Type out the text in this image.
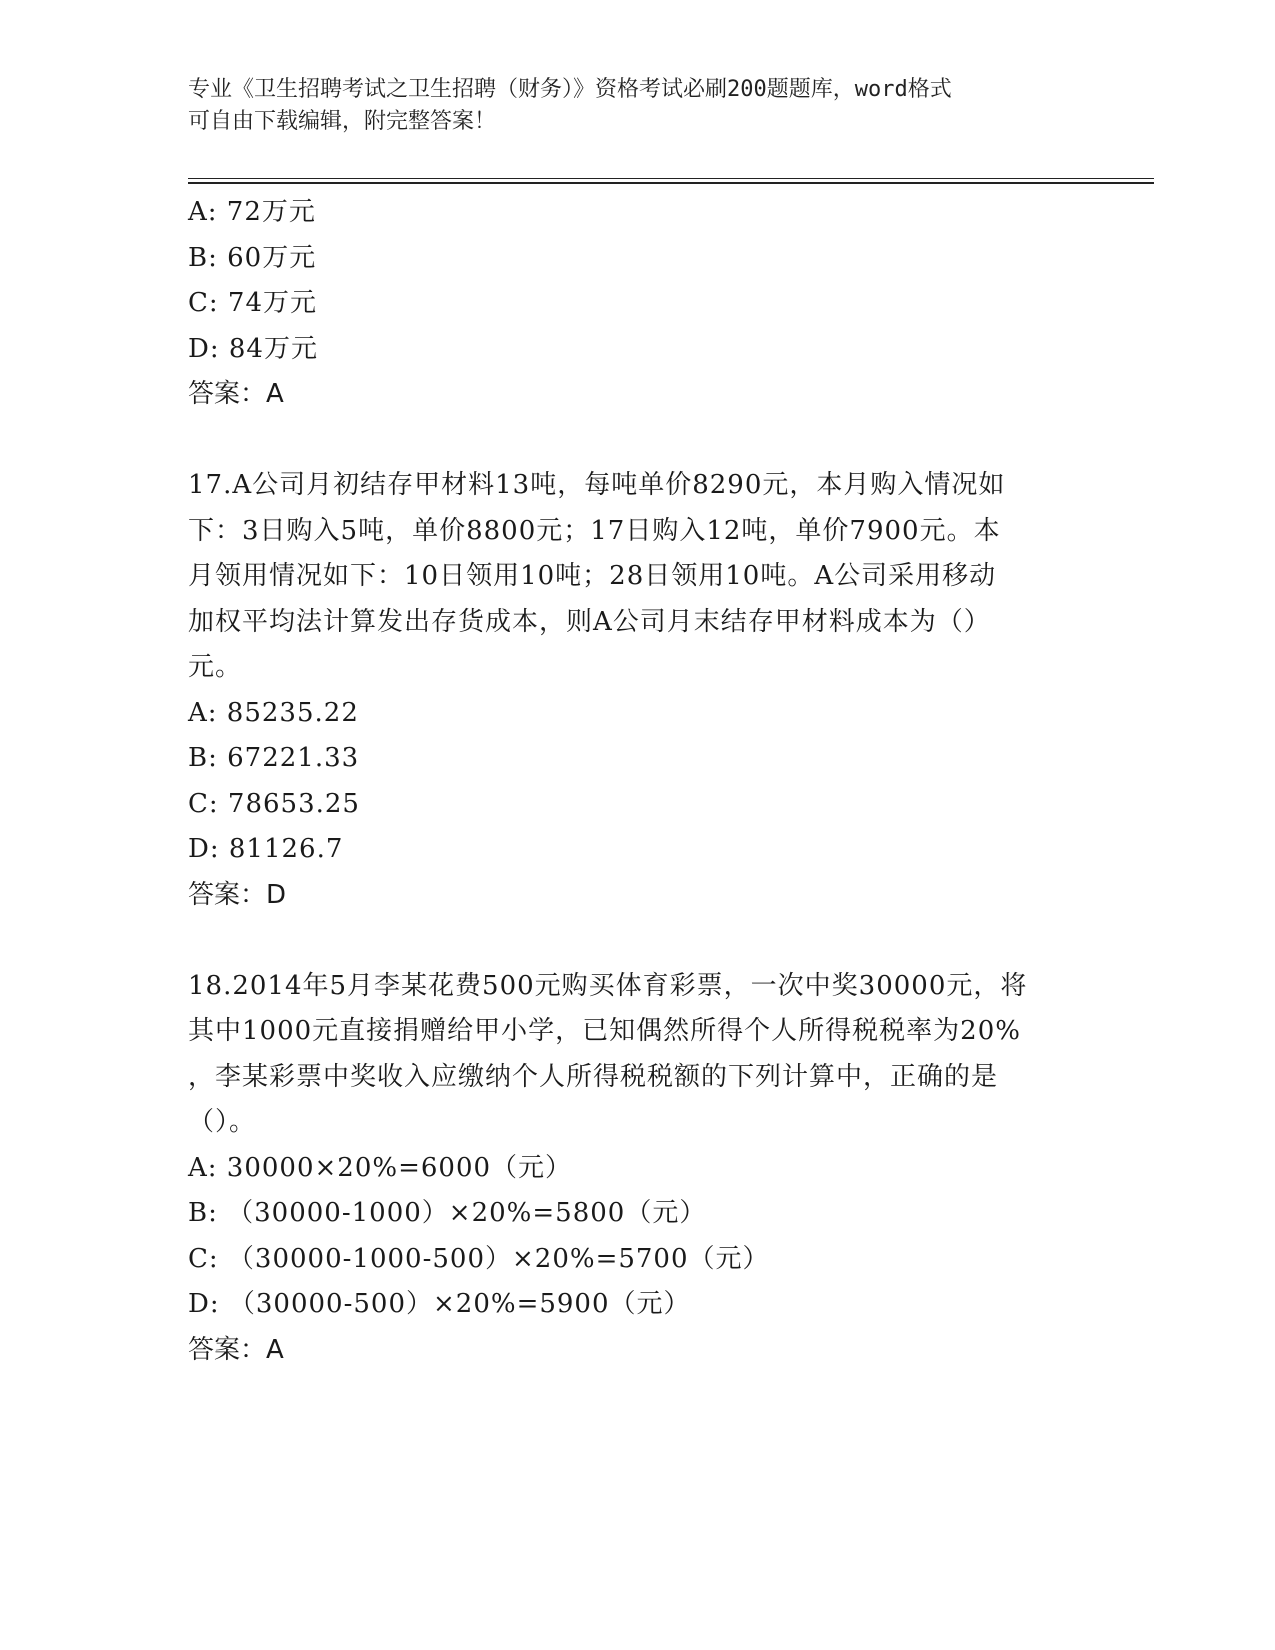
专业《卫生招聘考试之卫生招聘（财务）》资格考试必刷200题题库，word格式
可自由下载编辑，附完整答案！
A: 72万元
B: 60万元
C: 74万元
D: 84万元
答案：A
17.A公司月初结存甲材料13吨，每吨单价8290元，本月购入情况如
下：3日购入5吨，单价8800元；17日购入12吨，单价7900元。本
月领用情况如下：10日领用10吨；28日领用10吨。A公司采用移动
加权平均法计算发出存货成本，则A公司月末结存甲材料成本为（）
元。
A: 85235.22
B: 67221.33
C: 78653.25
D: 81126.7
答案：D
18.2014年5月李某花费500元购买体育彩票，一次中奖30000元，将
其中1000元直接捐赠给甲小学，已知偶然所得个人所得税税率为20%
，李某彩票中奖收入应缴纳个人所得税税额的下列计算中，正确的是
（）。
A: 30000×20%=6000（元）
B: （30000-1000）×20%=5800（元）
C: （30000-1000-500）×20%=5700（元）
D: （30000-500）×20%=5900（元）
答案：A
